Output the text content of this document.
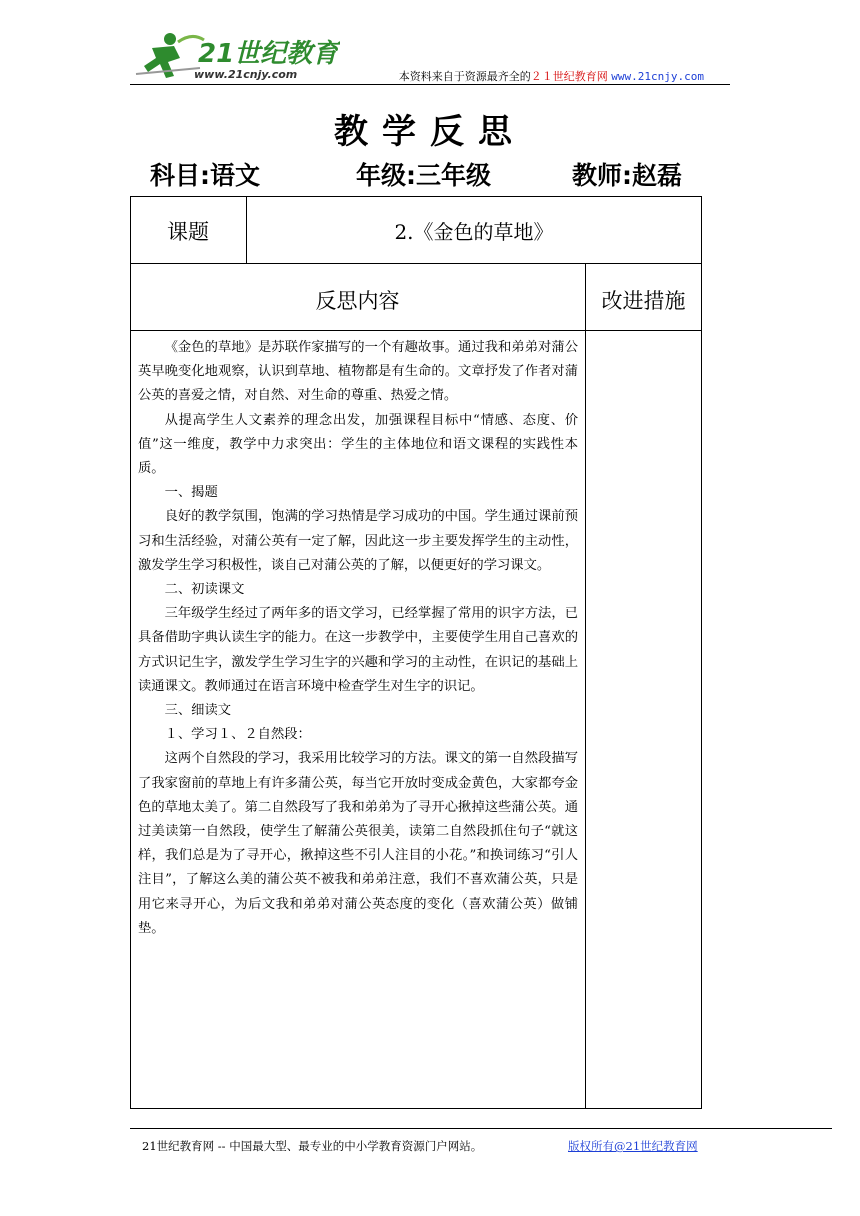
21世纪教育
www.21cnjy.com	本资料来自于资源最齐全的２１世纪教育网 www.21cnjy.com
教学反思
科目:语文	年级:三年级	教师:赵磊
课题	2.《金色的草地》
反思内容	改进措施

《金色的草地》是苏联作家描写的一个有趣故事。通过我和弟弟对蒲公英早晚变化地观察，认识到草地、植物都是有生命的。文章抒发了作者对蒲公英的喜爱之情，对自然、对生命的尊重、热爱之情。

从提高学生人文素养的理念出发，加强课程目标中“情感、态度、价值”这一维度，教学中力求突出：学生的主体地位和语文课程的实践性本质。

一、揭题

良好的教学氛围，饱满的学习热情是学习成功的中国。学生通过课前预习和生活经验，对蒲公英有一定了解，因此这一步主要发挥学生的主动性，激发学生学习积极性，谈自己对蒲公英的了解，以便更好的学习课文。

二、初读课文

三年级学生经过了两年多的语文学习，已经掌握了常用的识字方法，已具备借助字典认读生字的能力。在这一步教学中，主要使学生用自己喜欢的方式识记生字，激发学生学习生字的兴趣和学习的主动性，在识记的基础上读通课文。教师通过在语言环境中检查学生对生字的识记。

三、细读文

１、学习１、２自然段：

这两个自然段的学习，我采用比较学习的方法。课文的第一自然段描写了我家窗前的草地上有许多蒲公英，每当它开放时变成金黄色，大家都夸金色的草地太美了。第二自然段写了我和弟弟为了寻开心揪掉这些蒲公英。通过美读第一自然段，使学生了解蒲公英很美，读第二自然段抓住句子“就这样，我们总是为了寻开心，揪掉这些不引人注目的小花。”和换词练习“引人注目”，了解这么美的蒲公英不被我和弟弟注意，我们不喜欢蒲公英，只是用它来寻开心，为后文我和弟弟对蒲公英态度的变化（喜欢蒲公英）做铺垫。

21世纪教育网 -- 中国最大型、最专业的中小学教育资源门户网站。	版权所有@21世纪教育网
